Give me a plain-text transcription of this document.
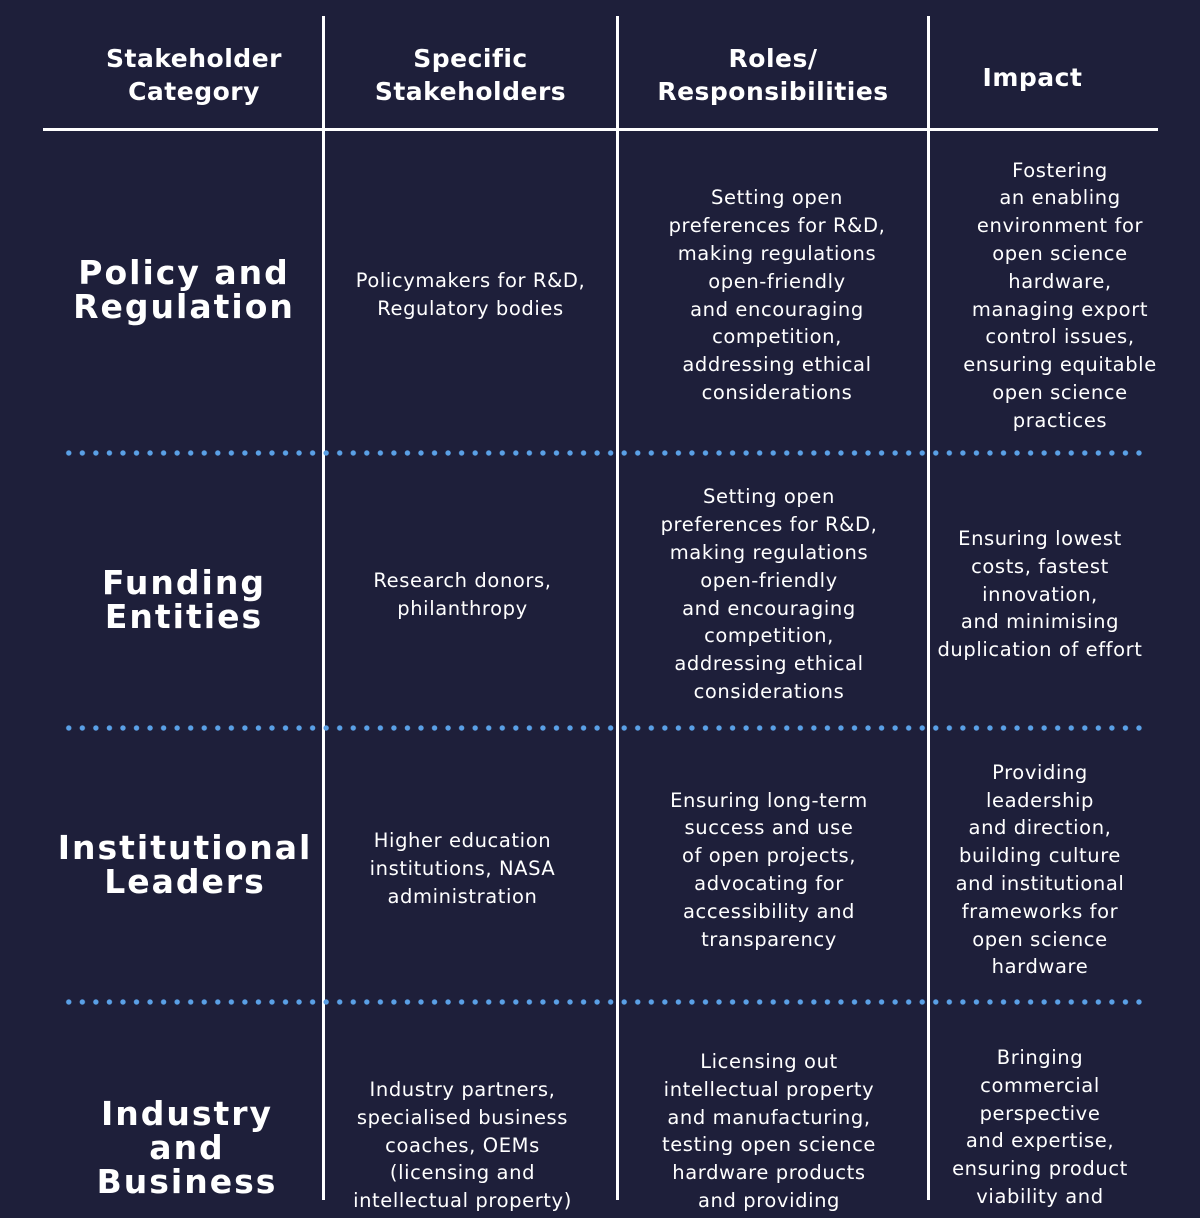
Stakeholder
Category
Specific
Stakeholders
Roles/
Responsibilities	Impact
Policy and
Regulation
Policymakers for R&D,
Regulatory bodies
Setting open
preferences for R&D,
making regulations
open-friendly
and encouraging
competition,
addressing ethical
considerations
Fostering
an enabling
environment for
open science
hardware,
managing export
control issues,
ensuring equitable
open science
practices
Funding
Entities
Research donors,
philanthropy
Setting open
preferences for R&D,
making regulations
open-friendly
and encouraging
competition,
addressing ethical
considerations
Ensuring lowest
costs, fastest
innovation,
and minimising
duplication of effort
Institutional
Leaders
Higher education
institutions, NASA
administration
Ensuring long-term
success and use
of open projects,
advocating for
accessibility and
transparency
Providing
leadership
and direction,
building culture
and institutional
frameworks for
open science
hardware
Industry
and
Business
Industry partners,
specialised business
coaches, OEMs
(licensing and
intellectual property)
Licensing out
intellectual property
and manufacturing,
testing open science
hardware products
and providing
Bringing
commercial
perspective
and expertise,
ensuring product
viability and
